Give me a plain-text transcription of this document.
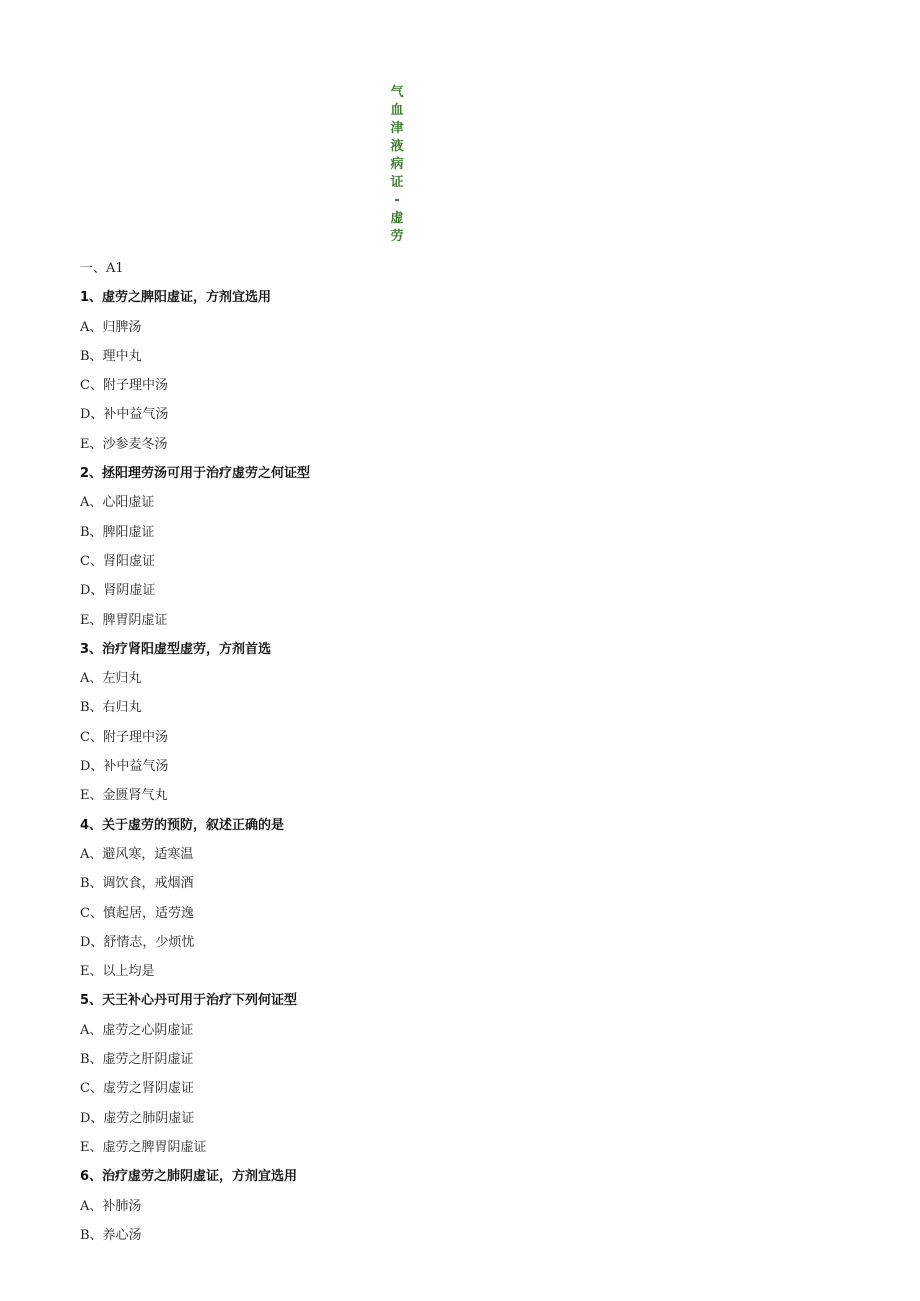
气
血
津
液
病
证
-
虚
劳
一、A1
1、虚劳之脾阳虚证，方剂宜选用
A、归脾汤
B、理中丸
C、附子理中汤
D、补中益气汤
E、沙参麦冬汤
2、拯阳理劳汤可用于治疗虚劳之何证型
A、心阳虚证
B、脾阳虚证
C、肾阳虚证
D、肾阴虚证
E、脾胃阴虚证
3、治疗肾阳虚型虚劳，方剂首选
A、左归丸
B、右归丸
C、附子理中汤
D、补中益气汤
E、金匮肾气丸
4、关于虚劳的预防，叙述正确的是
A、避风寒，适寒温
B、调饮食，戒烟酒
C、慎起居，适劳逸
D、舒情志，少烦忧
E、以上均是
5、天王补心丹可用于治疗下列何证型
A、虚劳之心阴虚证
B、虚劳之肝阴虚证
C、虚劳之肾阴虚证
D、虚劳之肺阴虚证
E、虚劳之脾胃阴虚证
6、治疗虚劳之肺阴虚证，方剂宜选用
A、补肺汤
B、养心汤
